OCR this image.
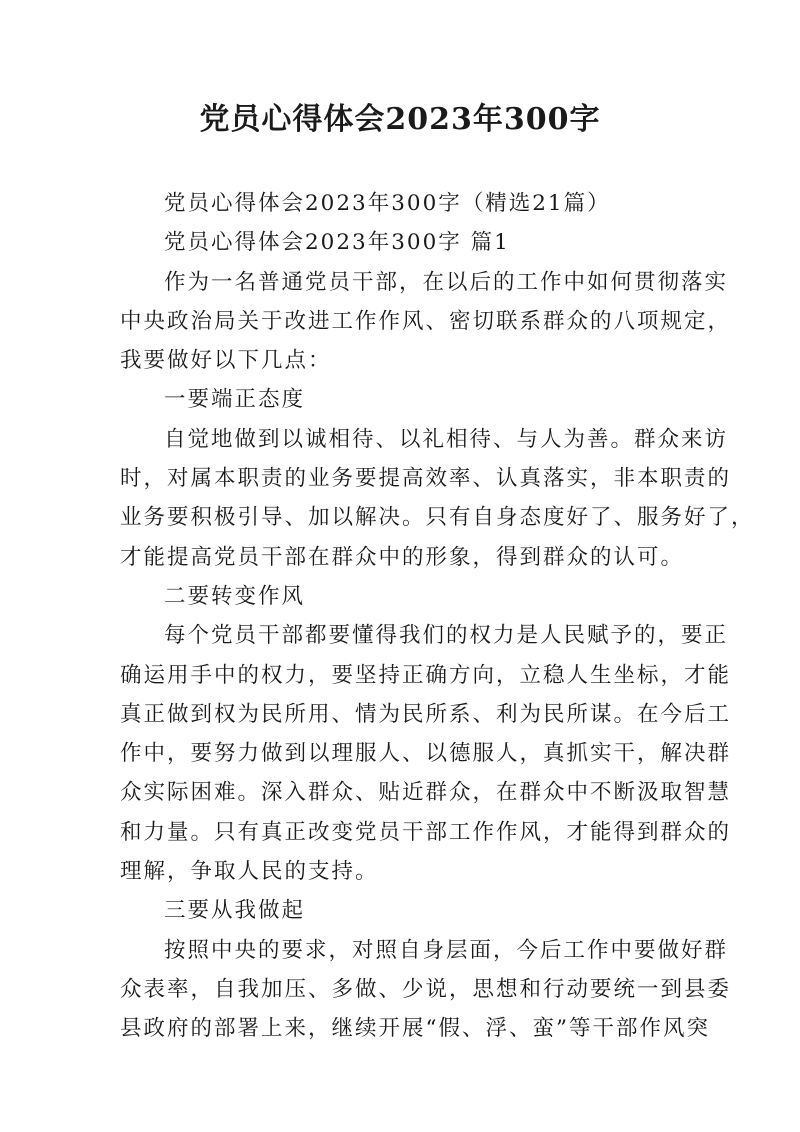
党员心得体会2023年300字
党员心得体会2023年300字（精选21篇）
党员心得体会2023年300字 篇1
作为一名普通党员干部，在以后的工作中如何贯彻落实
中央政治局关于改进工作作风、密切联系群众的八项规定，
我要做好以下几点：
一要端正态度
自觉地做到以诚相待、以礼相待、与人为善。群众来访
时，对属本职责的业务要提高效率、认真落实，非本职责的
业务要积极引导、加以解决。只有自身态度好了、服务好了，
才能提高党员干部在群众中的形象，得到群众的认可。
二要转变作风
每个党员干部都要懂得我们的权力是人民赋予的，要正
确运用手中的权力，要坚持正确方向，立稳人生坐标，才能
真正做到权为民所用、情为民所系、利为民所谋。在今后工
作中，要努力做到以理服人、以德服人，真抓实干，解决群
众实际困难。深入群众、贴近群众，在群众中不断汲取智慧
和力量。只有真正改变党员干部工作作风，才能得到群众的
理解，争取人民的支持。
三要从我做起
按照中央的要求，对照自身层面，今后工作中要做好群
众表率，自我加压、多做、少说，思想和行动要统一到县委
县政府的部署上来，继续开展“假、浮、蛮”等干部作风突
